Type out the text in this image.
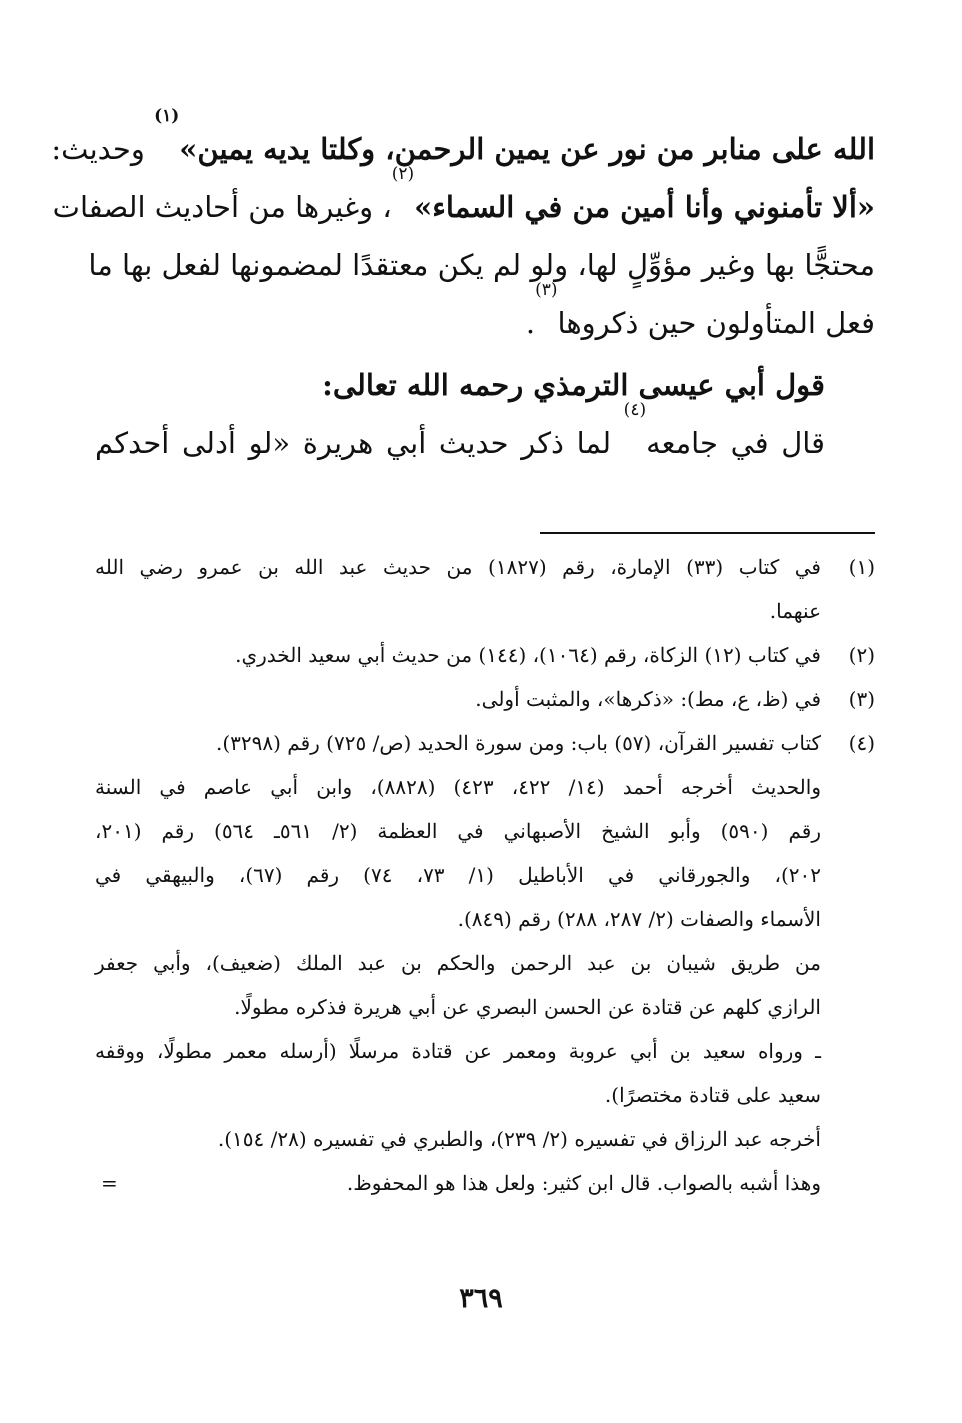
الله على منابر من نور عن يمين الرحمن، وكلتا يديه يمين»$^{(١)}$ وحديث:
«ألا تأمنوني وأنا أمين من في السماء»$^{(٢)}$، وغيرها من أحاديث الصفات
محتجًّا بها وغير مؤوِّلٍ لها، ولو لم يكن معتقدًا لمضمونها لفعل بها ما
فعل المتأولون حين ذكروها$^{(٣)}$.
قول أبي عيسى الترمذي رحمه الله تعالى:
قال في جامعه$^{(٤)}$ لما ذكر حديث أبي هريرة «لو أدلى أحدكم
(١)
في كتاب (٣٣) الإمارة، رقم (١٨٢٧) من حديث عبد الله بن عمرو رضي الله
عنهما.
(٢)
في كتاب (١٢) الزكاة، رقم (١٠٦٤)، (١٤٤) من حديث أبي سعيد الخدري.
(٣)
في (ظ، ع، مط): «ذكرها»، والمثبت أولى.
(٤)
كتاب تفسير القرآن، (٥٧) باب: ومن سورة الحديد (ص/ ٧٢٥) رقم (٣٢٩٨).
والحديث أخرجه أحمد (١٤/ ٤٢٢، ٤٢٣) (٨٨٢٨)، وابن أبي عاصم في السنة
رقم (٥٩٠) وأبو الشيخ الأصبهاني في العظمة (٢/ ٥٦١ـ ٥٦٤) رقم (٢٠١،
٢٠٢)، والجورقاني في الأباطيل (١/ ٧٣، ٧٤) رقم (٦٧)، والبيهقي في
الأسماء والصفات (٢/ ٢٨٧، ٢٨٨) رقم (٨٤٩).
من طريق شيبان بن عبد الرحمن والحكم بن عبد الملك (ضعيف)، وأبي جعفر
الرازي كلهم عن قتادة عن الحسن البصري عن أبي هريرة فذكره مطولًا.
ـ ورواه سعيد بن أبي عروبة ومعمر عن قتادة مرسلًا (أرسله معمر مطولًا، ووقفه
سعيد على قتادة مختصرًا).
أخرجه عبد الرزاق في تفسيره (٢/ ٢٣٩)، والطبري في تفسيره (٢٨/ ١٥٤).
وهذا أشبه بالصواب. قال ابن كثير: ولعل هذا هو المحفوظ.
=
٣٦٩
